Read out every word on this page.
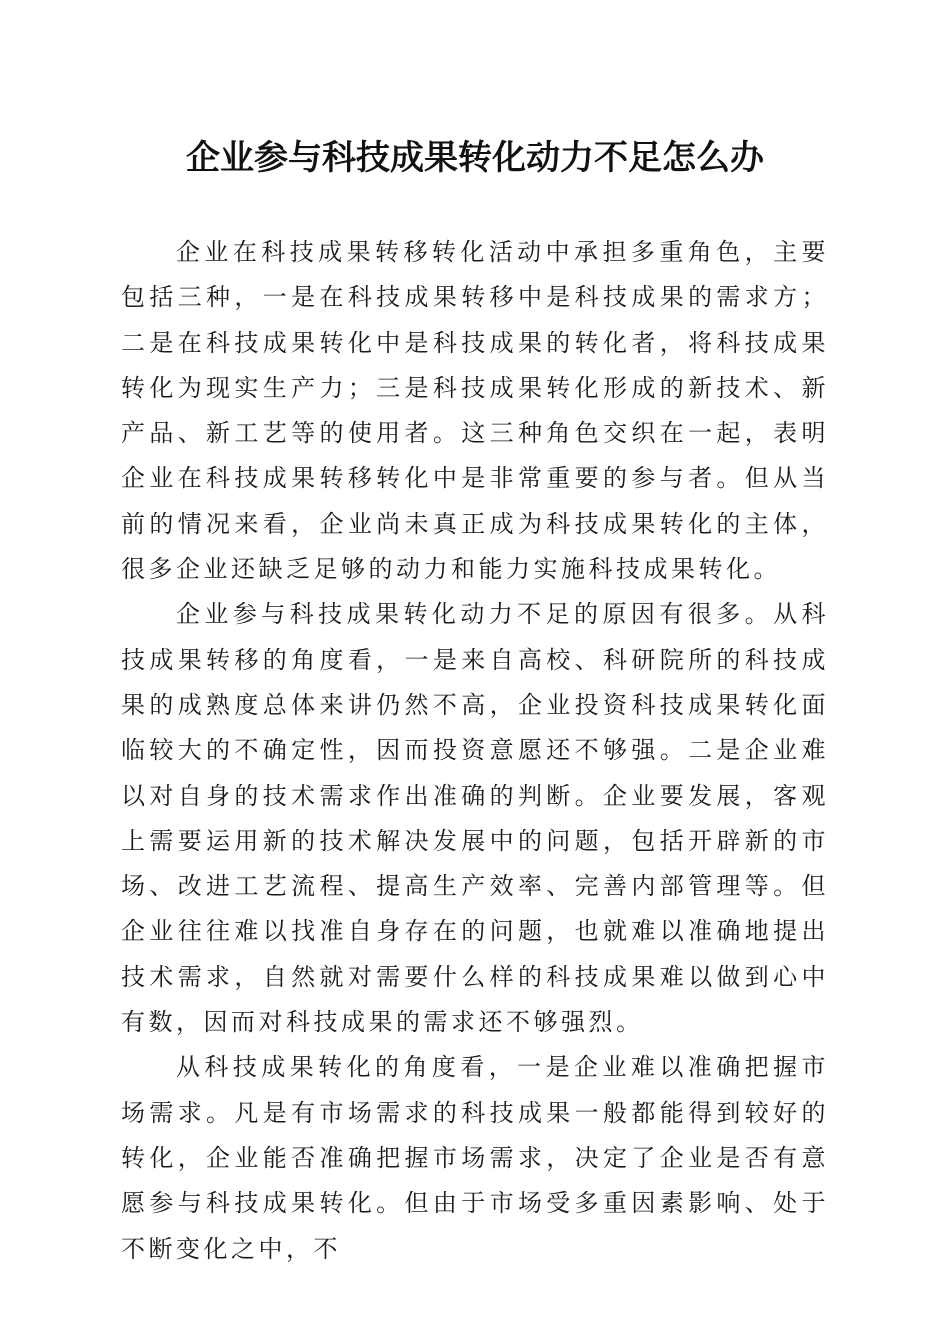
企业参与科技成果转化动力不足怎么办

企业在科技成果转移转化活动中承担多重角色，主要包括三种，一是在科技成果转移中是科技成果的需求方；二是在科技成果转化中是科技成果的转化者，将科技成果转化为现实生产力；三是科技成果转化形成的新技术、新产品、新工艺等的使用者。这三种角色交织在一起，表明企业在科技成果转移转化中是非常重要的参与者。但从当前的情况来看，企业尚未真正成为科技成果转化的主体，很多企业还缺乏足够的动力和能力实施科技成果转化。

企业参与科技成果转化动力不足的原因有很多。从科技成果转移的角度看，一是来自高校、科研院所的科技成果的成熟度总体来讲仍然不高，企业投资科技成果转化面临较大的不确定性，因而投资意愿还不够强。二是企业难以对自身的技术需求作出准确的判断。企业要发展，客观上需要运用新的技术解决发展中的问题，包括开辟新的市场、改进工艺流程、提高生产效率、完善内部管理等。但企业往往难以找准自身存在的问题，也就难以准确地提出技术需求，自然就对需要什么样的科技成果难以做到心中有数，因而对科技成果的需求还不够强烈。

从科技成果转化的角度看，一是企业难以准确把握市场需求。凡是有市场需求的科技成果一般都能得到较好的转化，企业能否准确把握市场需求，决定了企业是否有意愿参与科技成果转化。但由于市场受多重因素影响、处于不断变化之中，不
